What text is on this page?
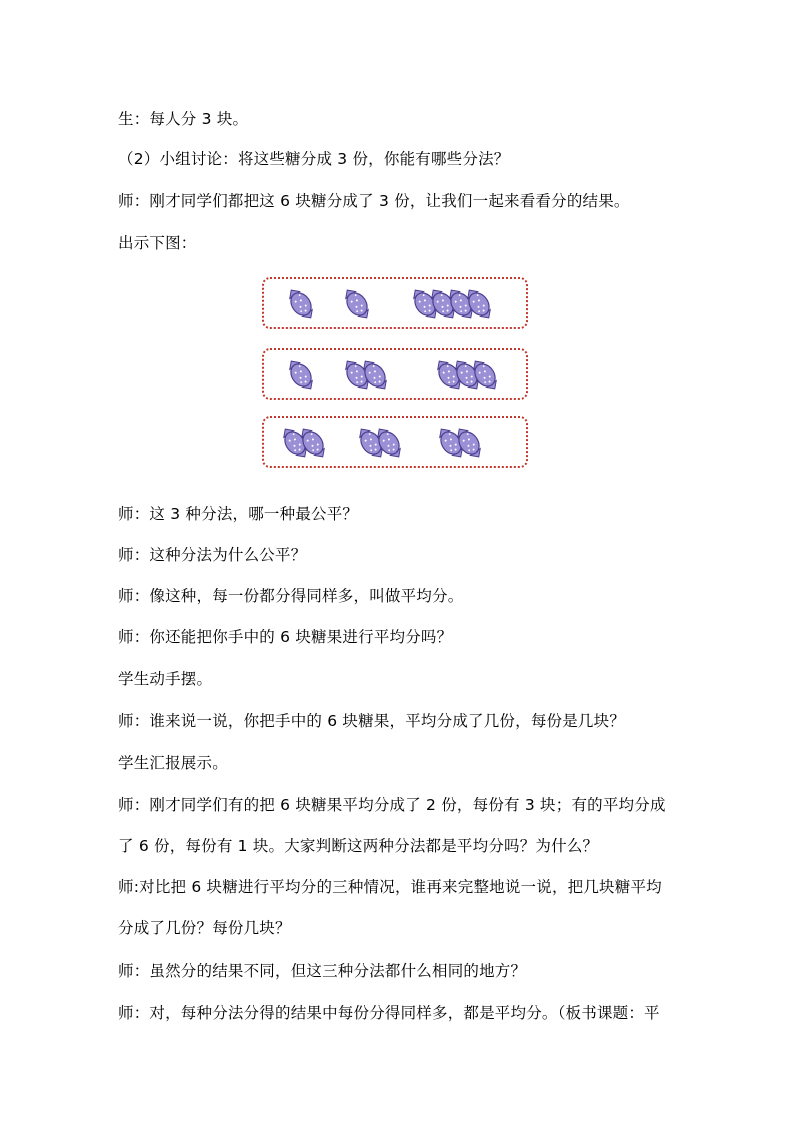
生：每人分 3 块。
（2）小组讨论：将这些糖分成 3 份，你能有哪些分法？
师：刚才同学们都把这 6 块糖分成了 3 份，让我们一起来看看分的结果。
出示下图：
师：这 3 种分法，哪一种最公平？
师：这种分法为什么公平？
师：像这种，每一份都分得同样多，叫做平均分。
师：你还能把你手中的 6 块糖果进行平均分吗？
学生动手摆。
师：谁来说一说，你把手中的 6 块糖果，平均分成了几份，每份是几块？
学生汇报展示。
师：刚才同学们有的把 6 块糖果平均分成了 2 份，每份有 3 块；有的平均分成
了 6 份，每份有 1 块。大家判断这两种分法都是平均分吗？为什么？
师:对比把 6 块糖进行平均分的三种情况，谁再来完整地说一说，把几块糖平均
分成了几份？每份几块？
师：虽然分的结果不同，但这三种分法都什么相同的地方？
师：对，每种分法分得的结果中每份分得同样多，都是平均分。（板书课题：平
